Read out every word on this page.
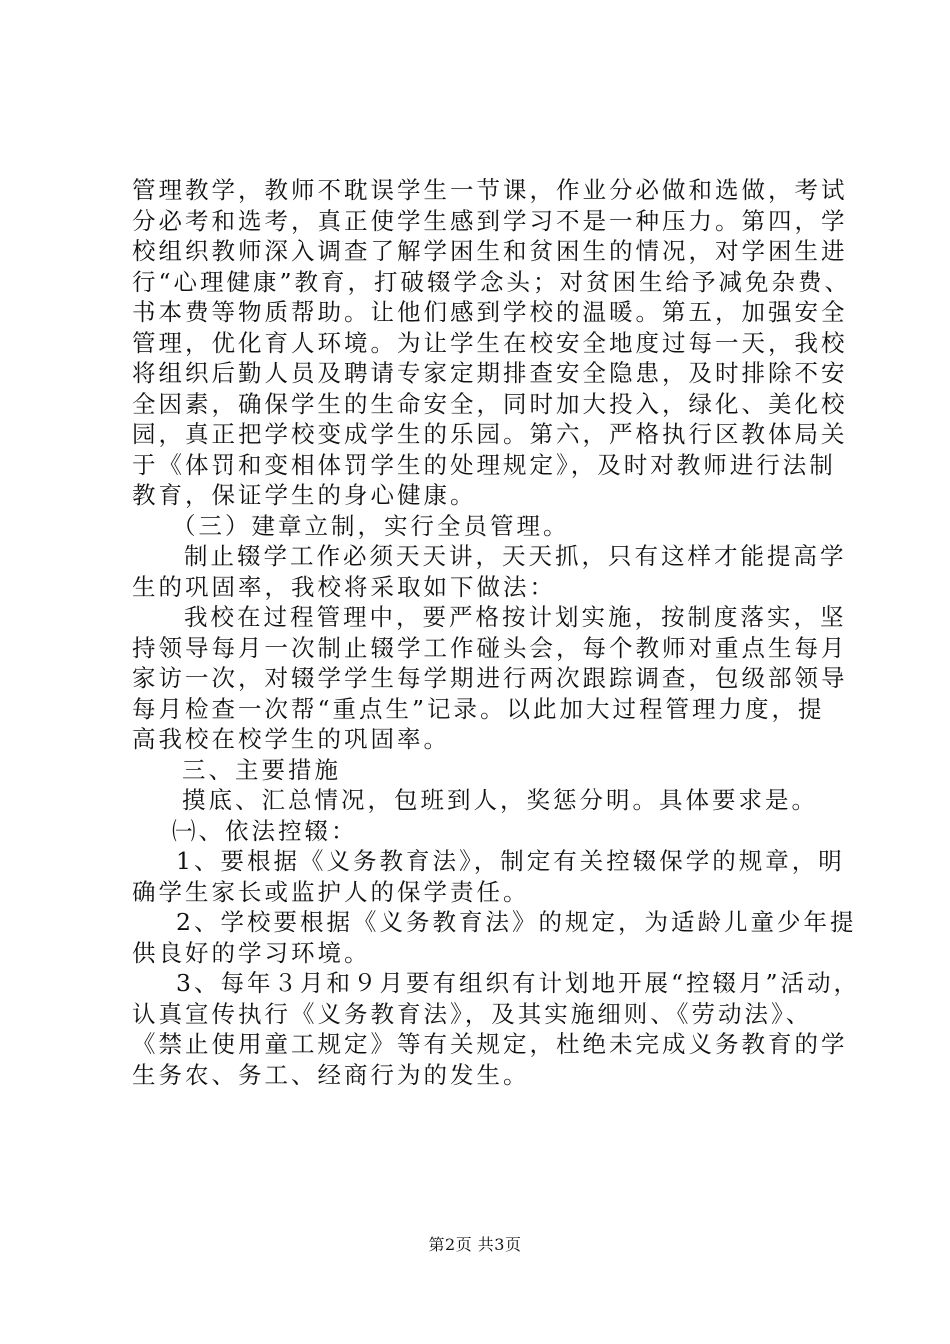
管理教学，教师不耽误学生一节课，作业分必做和选做，考试
分必考和选考，真正使学生感到学习不是一种压力。第四，学
校组织教师深入调查了解学困生和贫困生的情况，对学困生进
行“心理健康”教育，打破辍学念头；对贫困生给予减免杂费、
书本费等物质帮助。让他们感到学校的温暖。第五，加强安全
管理，优化育人环境。为让学生在校安全地度过每一天，我校
将组织后勤人员及聘请专家定期排查安全隐患，及时排除不安
全因素，确保学生的生命安全，同时加大投入，绿化、美化校
园，真正把学校变成学生的乐园。第六，严格执行区教体局关
于《体罚和变相体罚学生的处理规定》，及时对教师进行法制
教育，保证学生的身心健康。
（三）建章立制，实行全员管理。
制止辍学工作必须天天讲，天天抓，只有这样才能提高学
生的巩固率，我校将采取如下做法：
我校在过程管理中，要严格按计划实施，按制度落实，坚
持领导每月一次制止辍学工作碰头会，每个教师对重点生每月
家访一次，对辍学学生每学期进行两次跟踪调查，包级部领导
每月检查一次帮“重点生”记录。以此加大过程管理力度，提
高我校在校学生的巩固率。
三、主要措施
摸底、汇总情况，包班到人，奖惩分明。具体要求是。
㈠、依法控辍：
1、要根据《义务教育法》，制定有关控辍保学的规章，明
确学生家长或监护人的保学责任。
2、学校要根据《义务教育法》的规定，为适龄儿童少年提
供良好的学习环境。
3、每年３月和９月要有组织有计划地开展“控辍月”活动，
认真宣传执行《义务教育法》，及其实施细则、《劳动法》、
《禁止使用童工规定》等有关规定，杜绝未完成义务教育的学
生务农、务工、经商行为的发生。
第2页 共3页
